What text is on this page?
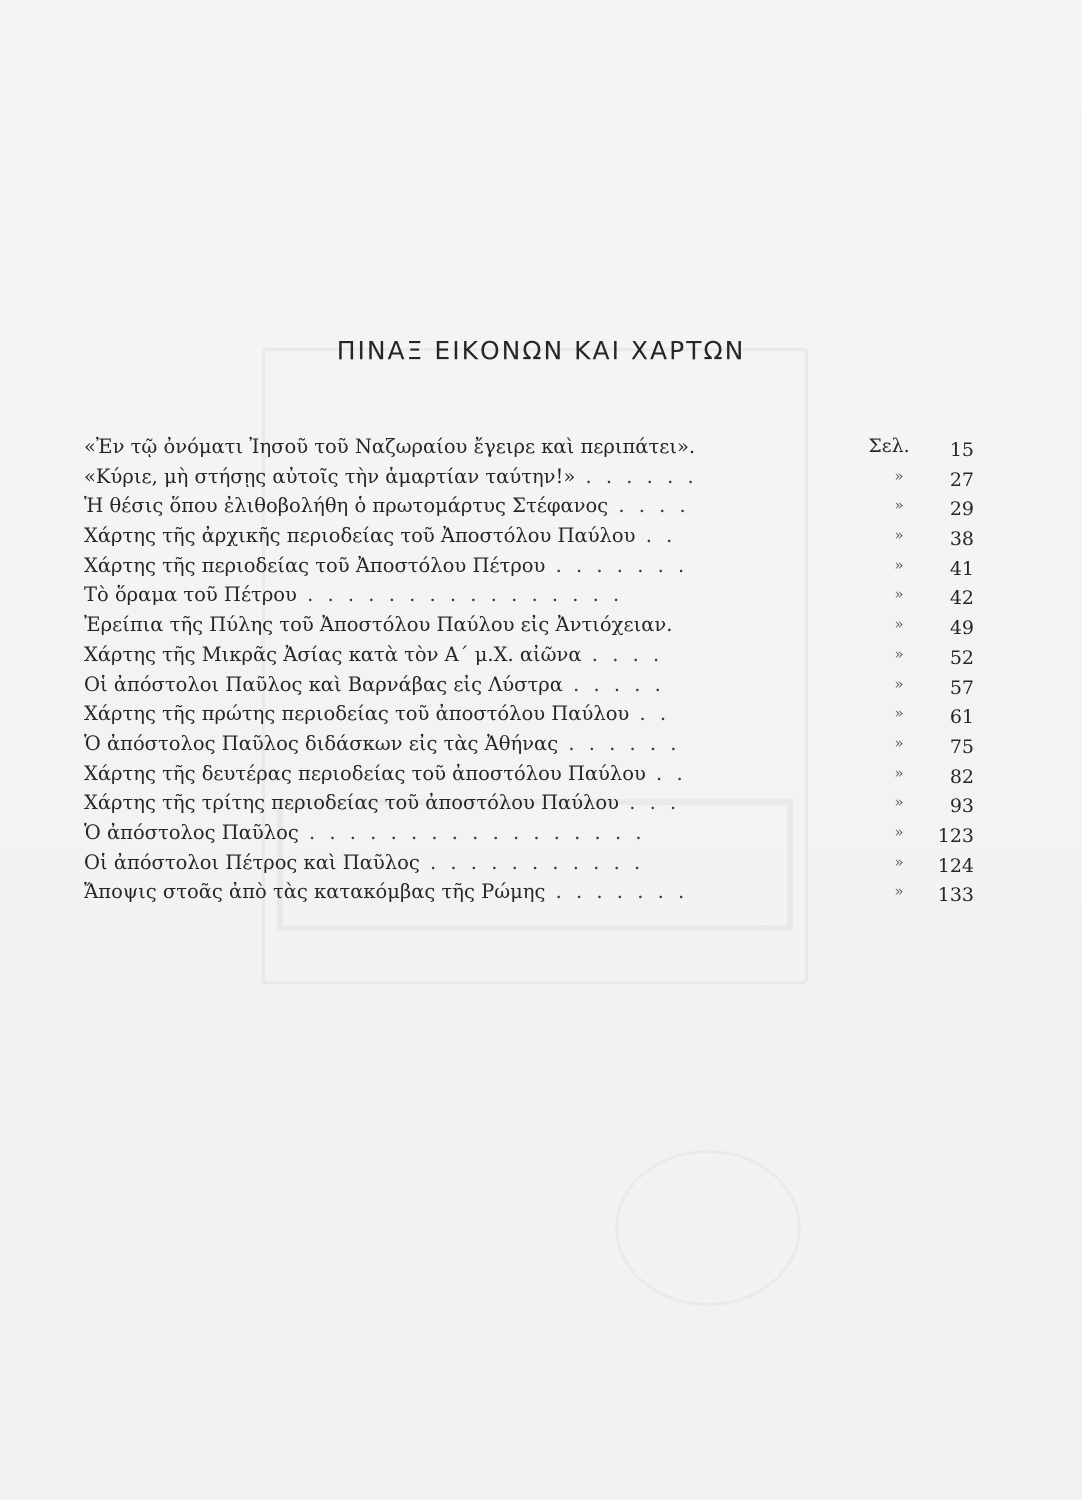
ΠΙΝΑΞ ΕΙΚΟΝΩΝ ΚΑΙ ΧΑΡΤΩΝ
«Ἐν τῷ ὀνόματι Ἰησοῦ τοῦ Ναζωραίου ἔγειρε καὶ περιπάτει».	Σελ.	15
«Κύριε, μὴ στήσῃς αὐτοῖς τὴν ἁμαρτίαν ταύτην!» . . . . . .	»	27
Ἡ θέσις ὅπου ἐλιθοβολήθη ὁ πρωτομάρτυς Στέφανος . . . .	»	29
Χάρτης τῆς ἀρχικῆς περιοδείας τοῦ Ἀποστόλου Παύλου . .	»	38
Χάρτης τῆς περιοδείας τοῦ Ἀποστόλου Πέτρου . . . . . . .	»	41
Τὸ ὅραμα τοῦ Πέτρου . . . . . . . . . . . . . . . .	»	42
Ἐρείπια τῆς Πύλης τοῦ Ἀποστόλου Παύλου εἰς Ἀντιόχειαν.	»	49
Χάρτης τῆς Μικρᾶς Ἀσίας κατὰ τὸν Α΄ μ.Χ. αἰῶνα . . . .	»	52
Οἱ ἀπόστολοι Παῦλος καὶ Βαρνάβας εἰς Λύστρα . . . . .	»	57
Χάρτης τῆς πρώτης περιοδείας τοῦ ἀποστόλου Παύλου . .	»	61
Ὁ ἀπόστολος Παῦλος διδάσκων εἰς τὰς Ἀθήνας . . . . . .	»	75
Χάρτης τῆς δευτέρας περιοδείας τοῦ ἀποστόλου Παύλου . .	»	82
Χάρτης τῆς τρίτης περιοδείας τοῦ ἀποστόλου Παύλου . . .	»	93
Ὁ ἀπόστολος Παῦλος . . . . . . . . . . . . . . . . .	»	123
Οἱ ἀπόστολοι Πέτρος καὶ Παῦλος . . . . . . . . . . .	»	124
Ἄποψις στοᾶς ἀπὸ τὰς κατακόμβας τῆς Ρώμης . . . . . . .	»	133
